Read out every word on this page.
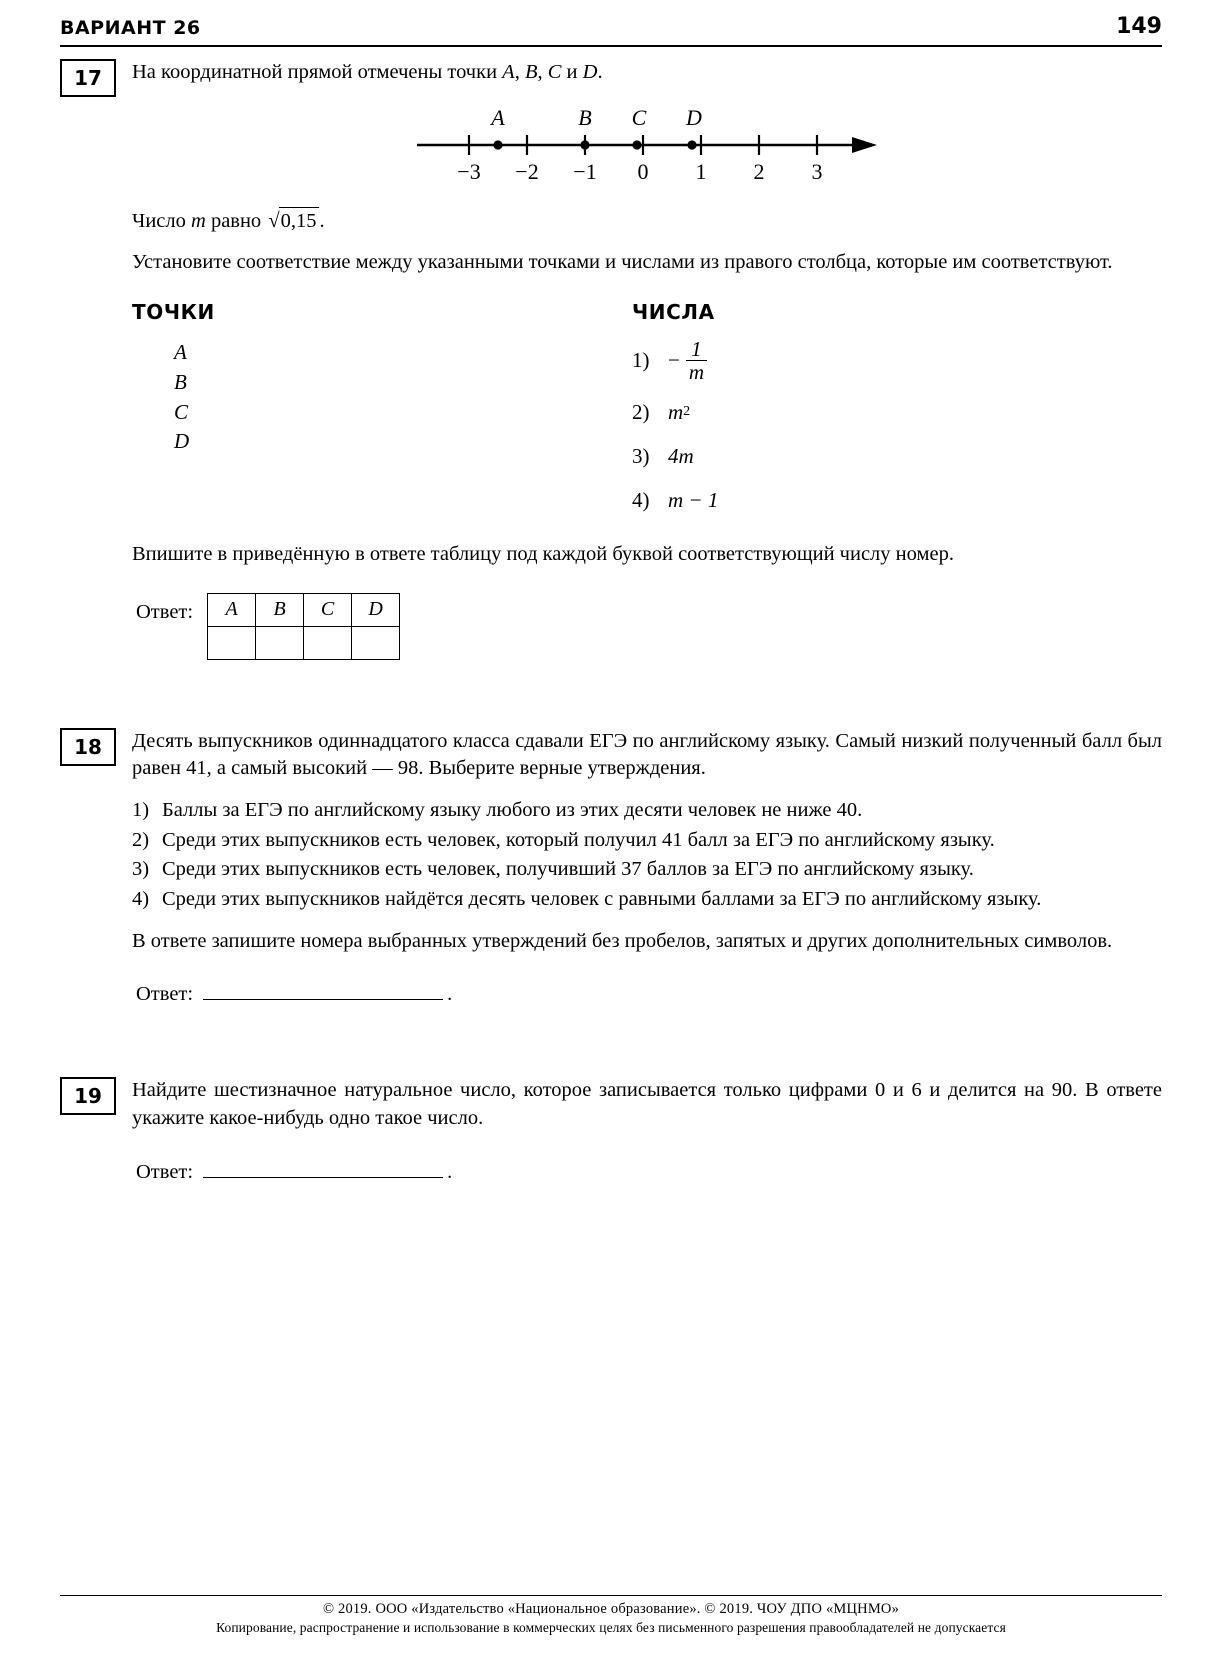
ВАРИАНТ 26	149
17	На координатной прямой отмечены точки A, B, C и D.

A	B C D
−3 −2 −1 0 1 2 3

Число m равно √0,15 .

Установите соответствие между указанными точками и числами из правого столбца, которые им соответствуют.

ТОЧКИ
A
B
C
D
ЧИСЛА
$1) - \frac{1}{m}$
2) m 2
3) 4m
4) m − 1

Впишите в приведённую в ответе таблицу под каждой буквой соответствующий числу номер.

Ответ: A	B	C	D

18	Десять выпускников одиннадцатого класса сдавали ЕГЭ по английскому языку. Самый низкий полученный балл был равен 41, а самый высокий — 98. Выберите верные утверждения.

1) Баллы за ЕГЭ по английскому языку любого из этих десяти человек не ниже 40.
2) Среди этих выпускников есть человек, который получил 41 балл за ЕГЭ по английскому языку.
3) Среди этих выпускников есть человек, получивший 37 баллов за ЕГЭ по английскому языку.
4) Среди этих выпускников найдётся десять человек с равными баллами за ЕГЭ по английскому языку.

В ответе запишите номера выбранных утверждений без пробелов, запятых и других дополнительных символов.

Ответ:	.
19	Найдите шестизначное натуральное число, которое записывается только цифрами 0 и 6 и делится на 90. В ответе укажите какое-нибудь одно такое число.

Ответ:	.
© 2019. ООО «Издательство «Национальное образование». © 2019. ЧОУ ДПО «МЦНМО»
Копирование, распространение и использование в коммерческих целях без письменного разрешения правообладателей не допускается
